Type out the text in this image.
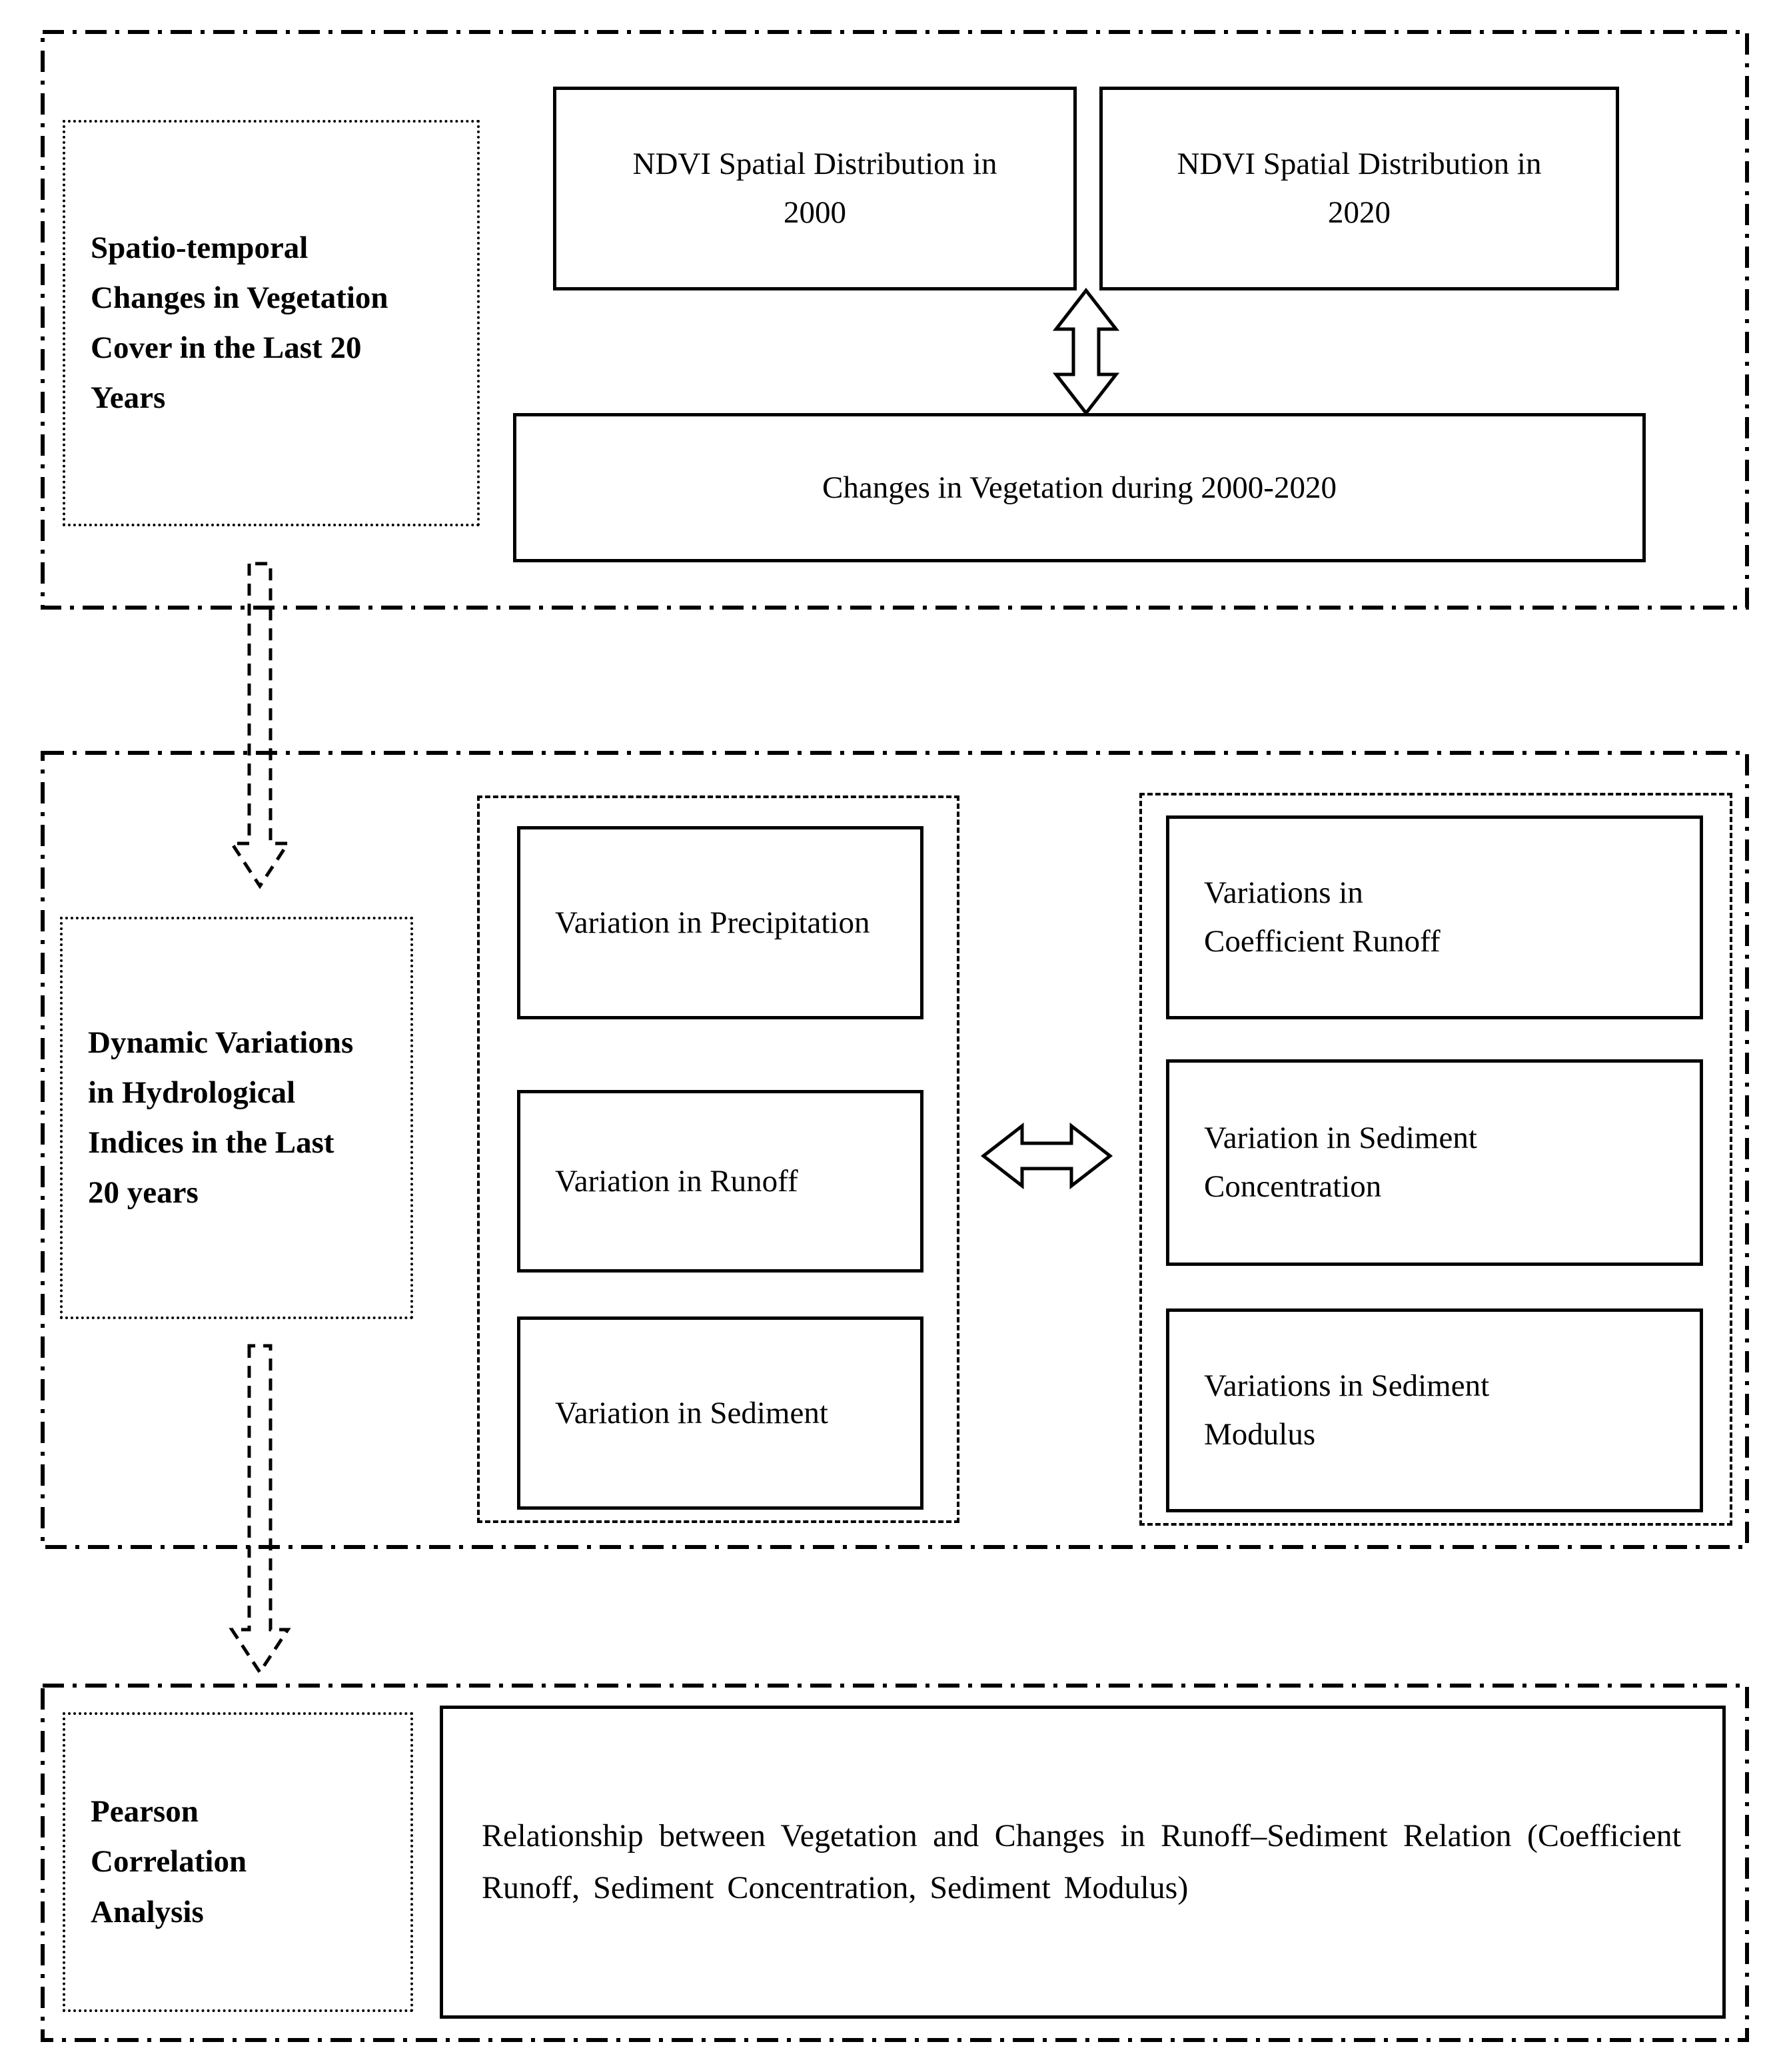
Spatio-temporal Changes in Vegetation Cover in the Last 20 Years
NDVI Spatial Distribution in 2000
NDVI Spatial Distribution in 2020
Changes in Vegetation during 2000-2020
Dynamic Variations in Hydrological Indices in the Last 20 years
Variation in Precipitation
Variation in Runoff
Variation in Sediment
Variations in Coefficient Runoff
Variation in Sediment Concentration
Variations in Sediment Modulus
Pearson Correlation Analysis
Relationship between Vegetation and Changes in Runoff–Sediment Relation (Coefficient Runoff, Sediment Concentration, Sediment Modulus)
